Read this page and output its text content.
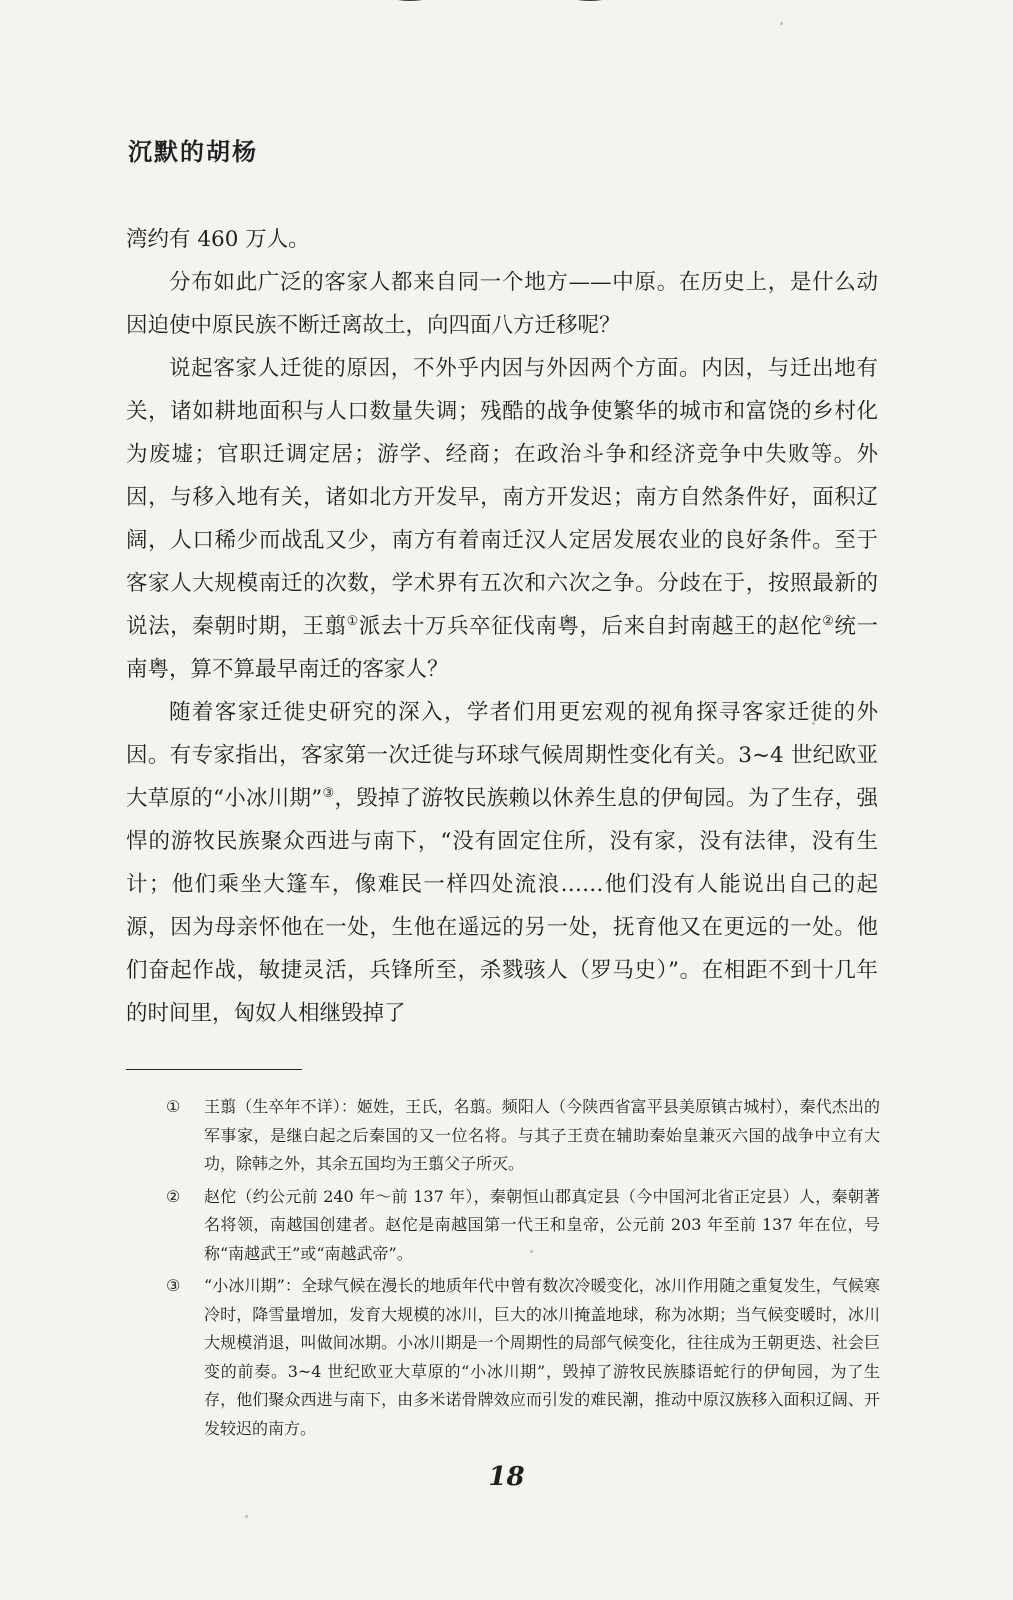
沉默的胡杨

湾约有 460 万人。

分布如此广泛的客家人都来自同一个地方——中原。在历史上，是什么动因迫使中原民族不断迁离故土，向四面八方迁移呢？

说起客家人迁徙的原因，不外乎内因与外因两个方面。内因，与迁出地有关，诸如耕地面积与人口数量失调；残酷的战争使繁华的城市和富饶的乡村化为废墟；官职迁调定居；游学、经商；在政治斗争和经济竞争中失败等。外因，与移入地有关，诸如北方开发早，南方开发迟；南方自然条件好，面积辽阔，人口稀少而战乱又少，南方有着南迁汉人定居发展农业的良好条件。至于客家人大规模南迁的次数，学术界有五次和六次之争。分歧在于，按照最新的说法，秦朝时期，王翦①派去十万兵卒征伐南粤，后来自封南越王的赵佗②统一南粤，算不算最早南迁的客家人？

随着客家迁徙史研究的深入，学者们用更宏观的视角探寻客家迁徙的外因。有专家指出，客家第一次迁徙与环球气候周期性变化有关。3~4 世纪欧亚大草原的“小冰川期”③，毁掉了游牧民族赖以休养生息的伊甸园。为了生存，强悍的游牧民族聚众西进与南下，“没有固定住所，没有家，没有法律，没有生计；他们乘坐大篷车，像难民一样四处流浪……他们没有人能说出自己的起源，因为母亲怀他在一处，生他在遥远的另一处，抚育他又在更远的一处。他们奋起作战，敏捷灵活，兵锋所至，杀戮骇人（罗马史）”。在相距不到十几年的时间里，匈奴人相继毁掉了

① 王翦（生卒年不详）：姬姓，王氏，名翦。频阳人（今陕西省富平县美原镇古城村），秦代杰出的军事家，是继白起之后秦国的又一位名将。与其子王贲在辅助秦始皇兼灭六国的战争中立有大功，除韩之外，其余五国均为王翦父子所灭。
② 赵佗（约公元前 240 年～前 137 年），秦朝恒山郡真定县（今中国河北省正定县）人，秦朝著名将领，南越国创建者。赵佗是南越国第一代王和皇帝，公元前 203 年至前 137 年在位，号称“南越武王”或“南越武帝”。
③ “小冰川期”：全球气候在漫长的地质年代中曾有数次冷暖变化，冰川作用随之重复发生，气候寒冷时，降雪量增加，发育大规模的冰川，巨大的冰川掩盖地球，称为冰期；当气候变暖时，冰川大规模消退，叫做间冰期。小冰川期是一个周期性的局部气候变化，往往成为王朝更迭、社会巨变的前奏。3~4 世纪欧亚大草原的“小冰川期”，毁掉了游牧民族膝语蛇行的伊甸园，为了生存，他们聚众西进与南下，由多米诺骨牌效应而引发的难民潮，推动中原汉族移入面积辽阔、开发较迟的南方。
18
